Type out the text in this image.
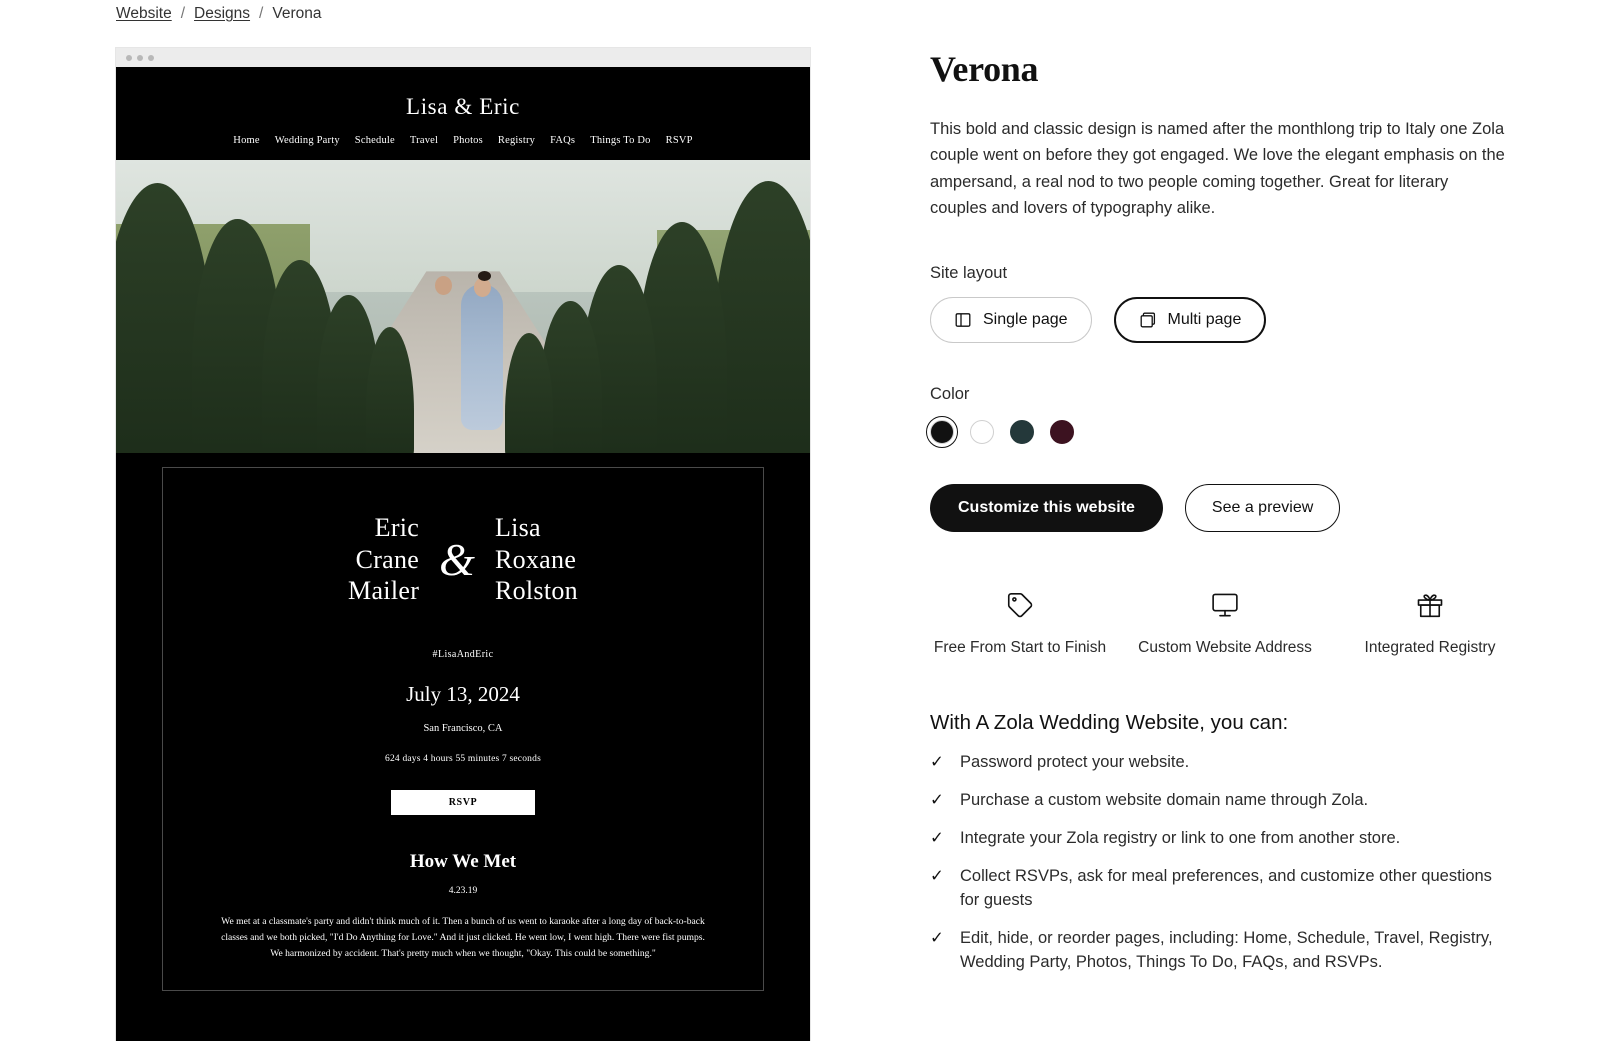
Website / Designs / Verona
Lisa & Eric
Home Wedding Party Schedule Travel Photos Registry FAQs Things To Do RSVP
Eric
Crane
Mailer
&
Lisa
Roxane
Rolston
#LisaAndEric
July 13, 2024
San Francisco, CA
624 days 4 hours 55 minutes 7 seconds
RSVP
How We Met
4.23.19
We met at a classmate's party and didn't think much of it. Then a bunch of us went to karaoke after a long day of back-to-back classes and we both picked, "I'd Do Anything for Love." And it just clicked. He went low, I went high. There were fist pumps. We harmonized by accident. That's pretty much when we thought, "Okay. This could be something."
Verona

This bold and classic design is named after the monthlong trip to Italy one Zola couple went on before they got engaged. We love the elegant emphasis on the ampersand, a real nod to two people coming together. Great for literary couples and lovers of typography alike.

Site layout
Single page	Multi page
Color
Customize this website	See a preview
Free From Start to Finish Custom Website Address	Integrated Registry
With A Zola Wedding Website, you can:
✓ Password protect your website.
✓ Purchase a custom website domain name through Zola.
✓ Integrate your Zola registry or link to one from another store.
✓ Collect RSVPs, ask for meal preferences, and customize other questions for guests
✓ Edit, hide, or reorder pages, including: Home, Schedule, Travel, Registry, Wedding Party, Photos, Things To Do, FAQs, and RSVPs.
